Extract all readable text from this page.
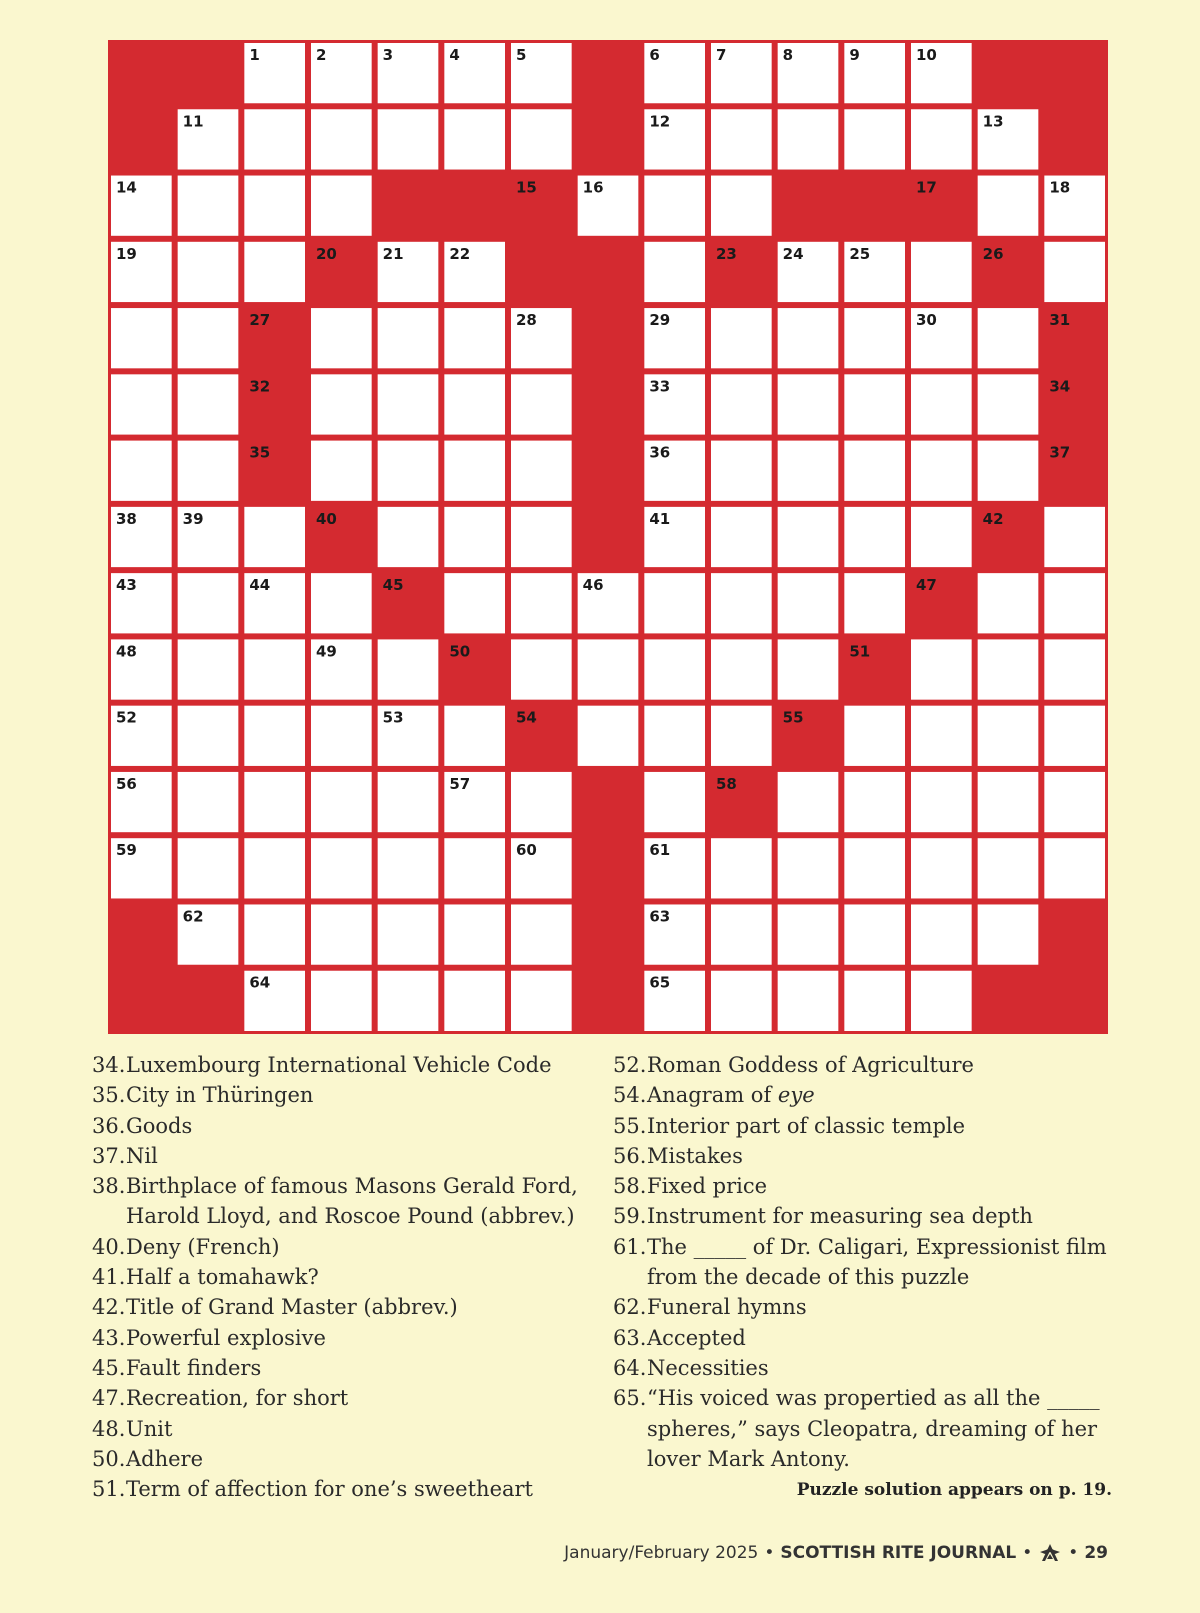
1	2	3	4	5	6	7	8	9	10
11	12	13
14	15	16	17	18
19	20	21	22	23	24	25	26
27	28	29	30	31
32	33	34
35	36	37
38	39	40	41	42
43	44	45	46	47
48	49	50	51
52	53	54	55
56	57	58
59	60	61
62	63
64	65
34. Luxembourg International Vehicle Code
35. City in Thüringen
36. Goods
37. Nil
38. Birthplace of famous Masons Gerald Ford, Harold Lloyd, and Roscoe Pound (abbrev.)
40. Deny (French)
41. Half a tomahawk?
42. Title of Grand Master (abbrev.)
43. Powerful explosive
45. Fault finders
47. Recreation, for short
48. Unit
50. Adhere
51. Term of affection for one’s sweetheart
52. Roman Goddess of Agriculture
54. Anagram of eye
55. Interior part of classic temple
56. Mistakes
58. Fixed price
59. Instrument for measuring sea depth
61. The _____ of Dr. Caligari, Expressionist film from the decade of this puzzle
62. Funeral hymns
63. Accepted
64. Necessities
65. “His voiced was propertied as all the _____ spheres,” says Cleopatra, dreaming of her lover Mark Antony.
Puzzle solution appears on p. 19.
January/February 2025 • SCOTTISH RITE JOURNAL • • 29
